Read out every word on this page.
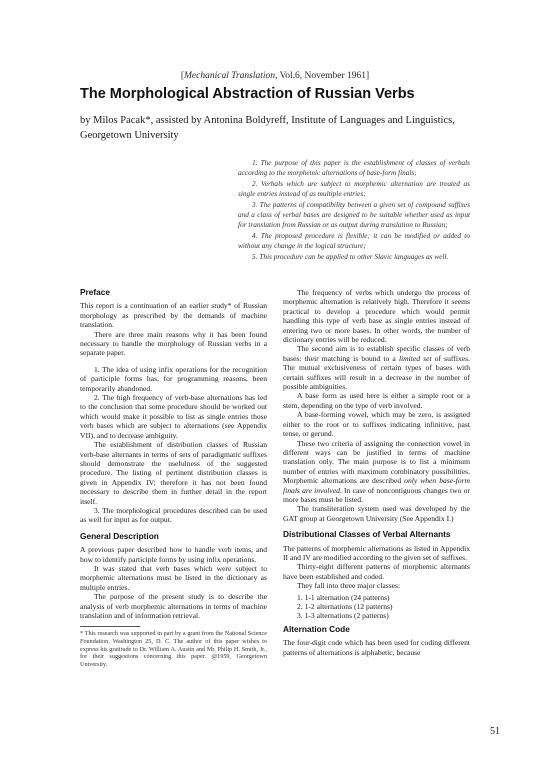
[Mechanical Translation, Vol.6, November 1961]
The Morphological Abstraction of Russian Verbs
by Milos Pacak*, assisted by Antonina Boldyreff, Institute of Languages and Linguistics, Georgetown University

1. The purpose of this paper is the establishment of classes of verbals according to the morphemic alternations of base-form finals;

2. Verbals which are subject to morphemic alternation are treated as single entries instead of as multiple entries;

3. The patterns of compatibility between a given set of compound suffixes and a class of verbal bases are designed to be suitable whether used as input for translation from Russian or as output during translation to Russian;

4. The proposed procedure is flexible; it can be modified or added to without any change in the logical structure;

5. This procedure can be applied to other Slavic languages as well.

Preface

This report is a continuation of an earlier study* of Russian morphology as prescribed by the demands of machine translation.

There are three main reasons why it has been found necessary to handle the morphology of Russian verbs in a separate paper.

1. The idea of using infix operations for the recognition of participle forms has, for programming reasons, been temporarily abandoned.

2. The high frequency of verb-base alternations has led to the conclusion that some procedure should be worked out which would make it possible to list as single entries those verb bases which are subject to alternations (see Appendix VII), and to decrease ambiguity.

The establishment of distribution classes of Russian verb-base alternants in terms of sets of paradigmatic suffixes should demonstrate the usefulness of the suggested procedure. The listing of pertinent distribution classes is given in Appendix IV; therefore it has not been found necessary to describe them in further detail in the report itself.

3. The morphological procedures described can be used as well for input as for output.

General Description

A previous paper described how to handle verb items, and how to identify participle forms by using infix operations.

It was stated that verb bases which were subject to morphemic alternations must be listed in the dictionary as multiple entries.

The purpose of the present study is to describe the analysis of verb morphemic alternations in terms of machine translation and of information retrieval.

* This research was supported in part by a grant from the National Science Foundation, Washington 25, D. C. The author of this paper wishes to express his gratitude to Dr. William A. Austin and Mr. Philip H. Smith, Jr., for their suggestions concerning this paper. @1959, Georgetown University.

The frequency of verbs which undergo the process of morphemic alternation is relatively high. Therefore it seems practical to develop a procedure which would permit handling this type of verb base as single entries instead of entering two or more bases. In other words, the number of dictionary entries will be reduced.

The second aim is to establish specific classes of verb bases: their matching is bound to a limited set of suffixes. The mutual exclusiveness of certain types of bases with certain suffixes will result in a decrease in the number of possible ambiguities.

A base form as used here is either a simple root or a stem, depending on the type of verb involved.

A base-forming vowel, which may be zero, is assigned either to the root or to suffixes indicating infinitive, past tense, or gerund.

These two criteria of assigning the connection vowel in different ways can be justified in terms of machine translation only. The main purpose is to list a minimum number of entries with maximum combinatory possibilities. Morphemic alternations are described only when base-form finals are involved. In case of noncontiguous changes two or more bases must be listed.

The transliteration system used was developed by the GAT group at Georgetown University (See Appendix I.)

Distributional Classes of Verbal Alternants

The patterns of morphemic alternations as listed in Appendix II and IV are modified according to the given set of suffixes.

Thirty-eight different patterns of morphemic alternants have been established and coded.

They fall into three major classes:

1. 1-1 alternation (24 patterns)
2. 1-2 alternations (12 patterns)
3. 1-3 alternations (2 patterns)
Alternation Code

The four-digit code which has been used for coding different patterns of alternations is alphabetic, because

51
